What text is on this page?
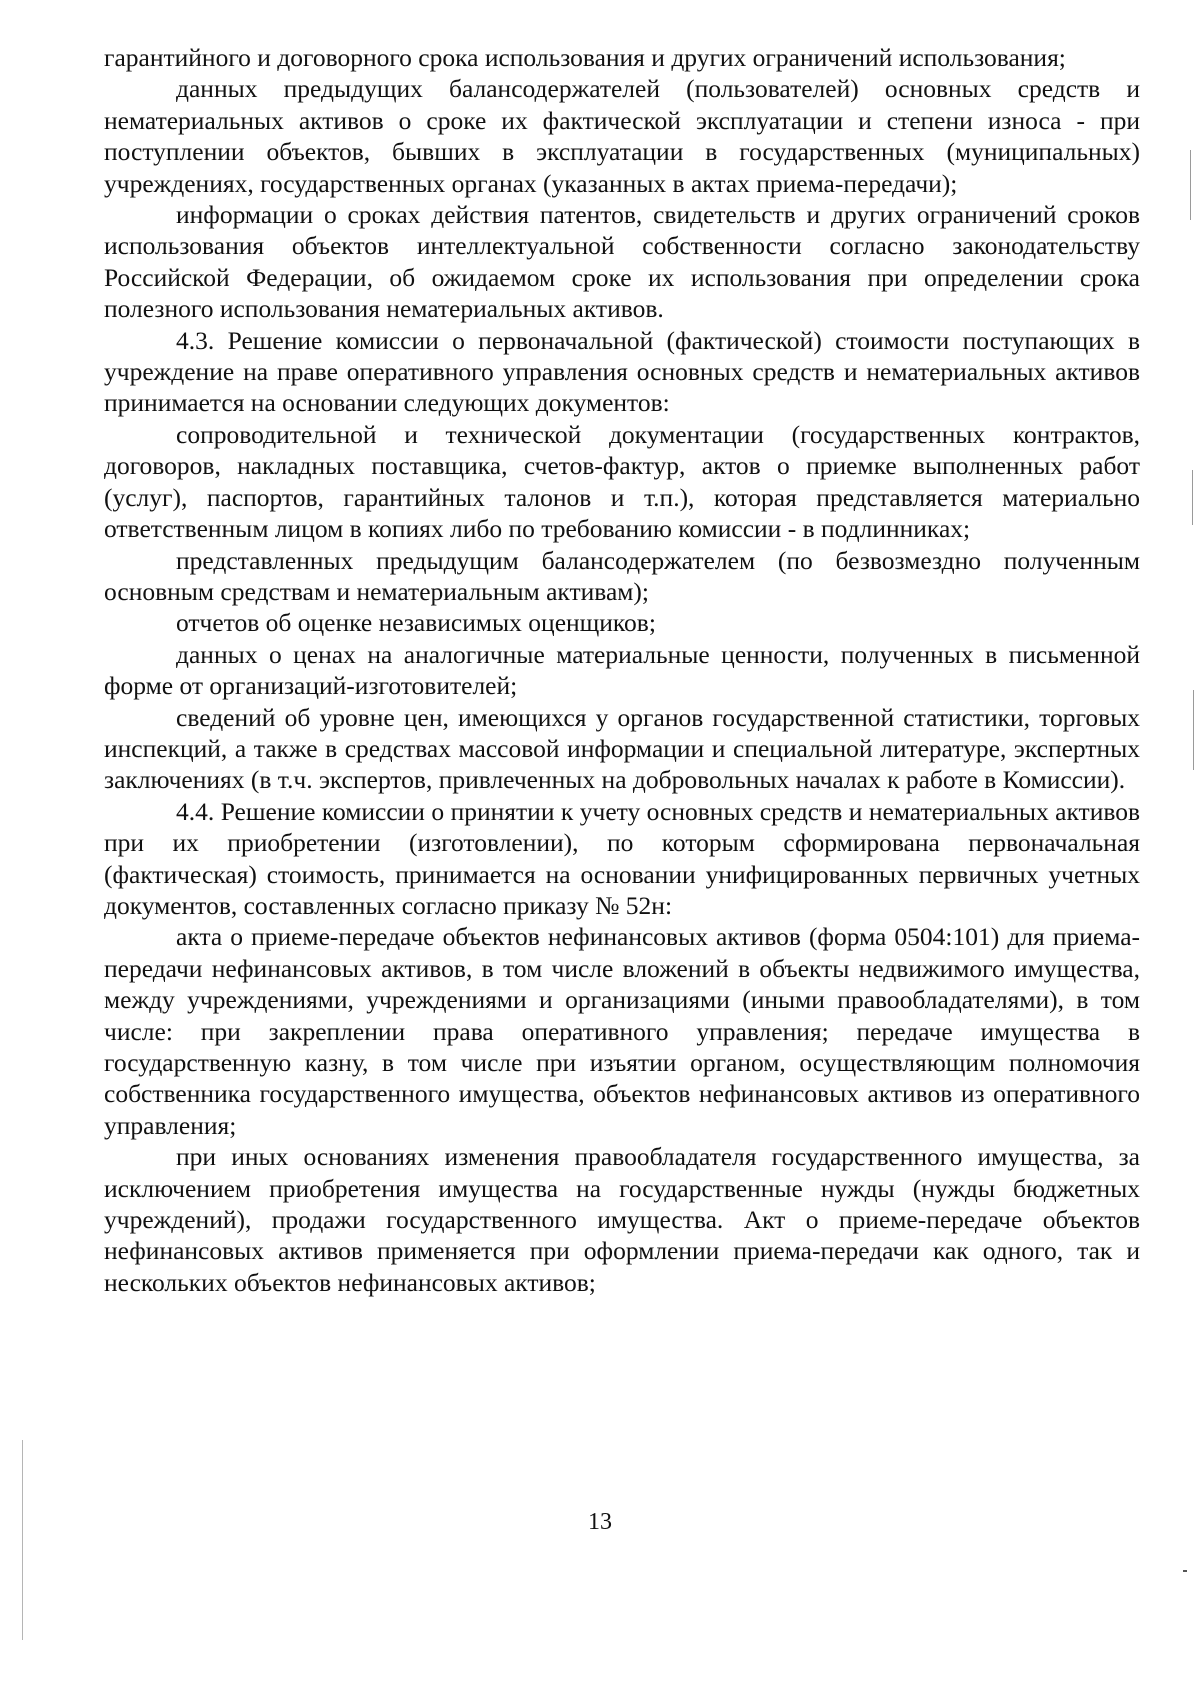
гарантийного и договорного срока использования и других ограничений использования;

данных предыдущих балансодержателей (пользователей) основных средств и нематериальных активов о сроке их фактической эксплуатации и степени износа - при поступлении объектов, бывших в эксплуатации в государственных (муниципальных) учреждениях, государственных органах (указанных в актах приема-передачи);

информации о сроках действия патентов, свидетельств и других ограничений сроков использования объектов интеллектуальной собственности согласно законодательству Российской Федерации, об ожидаемом сроке их использования при определении срока полезного использования нематериальных активов.

4.3. Решение комиссии о первоначальной (фактической) стоимости поступающих в учреждение на праве оперативного управления основных средств и нематериальных активов принимается на основании следующих документов:

сопроводительной и технической документации (государственных контрактов, договоров, накладных поставщика, счетов-фактур, актов о приемке выполненных работ (услуг), паспортов, гарантийных талонов и т.п.), которая представляется материально ответственным лицом в копиях либо по требованию комиссии - в подлинниках;

представленных предыдущим балансодержателем (по безвозмездно полученным основным средствам и нематериальным активам);

отчетов об оценке независимых оценщиков;

данных о ценах на аналогичные материальные ценности, полученных в письменной форме от организаций-изготовителей;

сведений об уровне цен, имеющихся у органов государственной статистики, торговых инспекций, а также в средствах массовой информации и специальной литературе, экспертных заключениях (в т.ч. экспертов, привлеченных на добровольных началах к работе в Комиссии).

4.4. Решение комиссии о принятии к учету основных средств и нематериальных активов при их приобретении (изготовлении), по которым сформирована первоначальная (фактическая) стоимость, принимается на основании унифицированных первичных учетных документов, составленных согласно приказу № 52н:

акта о приеме-передаче объектов нефинансовых активов (форма 0504:101) для приема-передачи нефинансовых активов, в том числе вложений в объекты недвижимого имущества, между учреждениями, учреждениями и организациями (иными правообладателями), в том числе: при закреплении права оперативного управления; передаче имущества в государственную казну, в том числе при изъятии органом, осуществляющим полномочия собственника государственного имущества, объектов нефинансовых активов из оперативного управления;

при иных основаниях изменения правообладателя государственного имущества, за исключением приобретения имущества на государственные нужды (нужды бюджетных учреждений), продажи государственного имущества. Акт о приеме-передаче объектов нефинансовых активов применяется при оформлении приема-передачи как одного, так и нескольких объектов нефинансовых активов;

13
